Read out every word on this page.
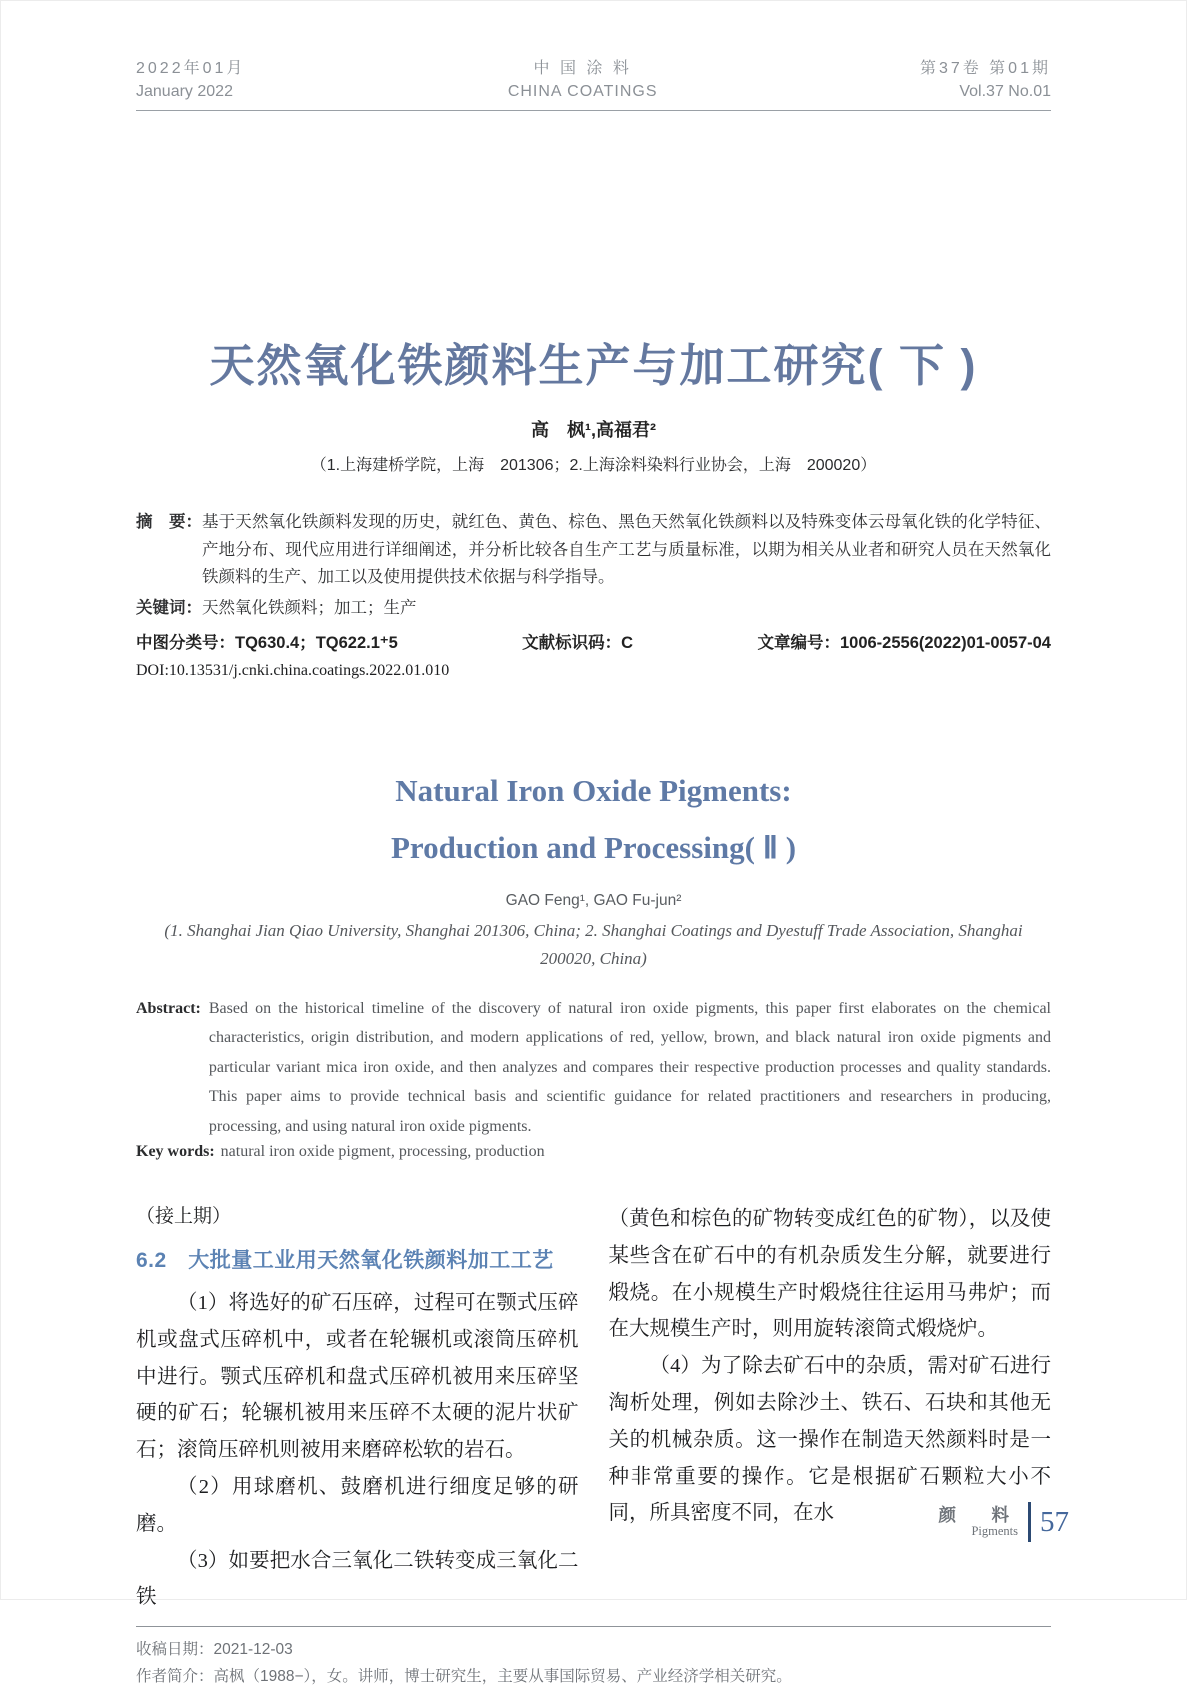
2022年01月
January 2022
中 国 涂 料
CHINA COATINGS
第37卷 第01期
Vol.37 No.01
天然氧化铁颜料生产与加工研究( 下 )
高　枫¹,高福君²
（1.上海建桥学院，上海　201306；2.上海涂料染料行业协会，上海　200020）
摘　要： 基于天然氧化铁颜料发现的历史，就红色、黄色、棕色、黑色天然氧化铁颜料以及特殊变体云母氧化铁的化学特征、产地分布、现代应用进行详细阐述，并分析比较各自生产工艺与质量标准，以期为相关从业者和研究人员在天然氧化铁颜料的生产、加工以及使用提供技术依据与科学指导。
关键词：天然氧化铁颜料；加工；生产
中图分类号：TQ630.4；TQ622.1⁺5	文献标识码：C	文章编号：1006-2556(2022)01-0057-04
DOI:10.13531/j.cnki.china.coatings.2022.01.010
Natural Iron Oxide Pigments:
Production and Processing( Ⅱ )
GAO Feng¹, GAO Fu-jun²
(1. Shanghai Jian Qiao University, Shanghai 201306, China; 2. Shanghai Coatings and Dyestuff Trade Association, Shanghai 200020, China)
Abstract: Based on the historical timeline of the discovery of natural iron oxide pigments, this paper first elaborates on the chemical characteristics, origin distribution, and modern applications of red, yellow, brown, and black natural iron oxide pigments and particular variant mica iron oxide, and then analyzes and compares their respective production processes and quality standards. This paper aims to provide technical basis and scientific guidance for related practitioners and researchers in producing, processing, and using natural iron oxide pigments.
Key words: natural iron oxide pigment, processing, production
（接上期）
6.2　大批量工业用天然氧化铁颜料加工工艺

（1）将选好的矿石压碎，过程可在颚式压碎机或盘式压碎机中，或者在轮辗机或滚筒压碎机中进行。颚式压碎机和盘式压碎机被用来压碎坚硬的矿石；轮辗机被用来压碎不太硬的泥片状矿石；滚筒压碎机则被用来磨碎松软的岩石。

（2）用球磨机、鼓磨机进行细度足够的研磨。

（3）如要把水合三氧化二铁转变成三氧化二铁

（黄色和棕色的矿物转变成红色的矿物），以及使某些含在矿石中的有机杂质发生分解，就要进行煅烧。在小规模生产时煅烧往往运用马弗炉；而在大规模生产时，则用旋转滚筒式煅烧炉。

（4）为了除去矿石中的杂质，需对矿石进行淘析处理，例如去除沙土、铁石、石块和其他无关的机械杂质。这一操作在制造天然颜料时是一种非常重要的操作。它是根据矿石颗粒大小不同，所具密度不同，在水

收稿日期：2021-12-03

作者简介：高枫（1988−），女。讲师，博士研究生，主要从事国际贸易、产业经济学相关研究。

颜　料
Pigments 57
